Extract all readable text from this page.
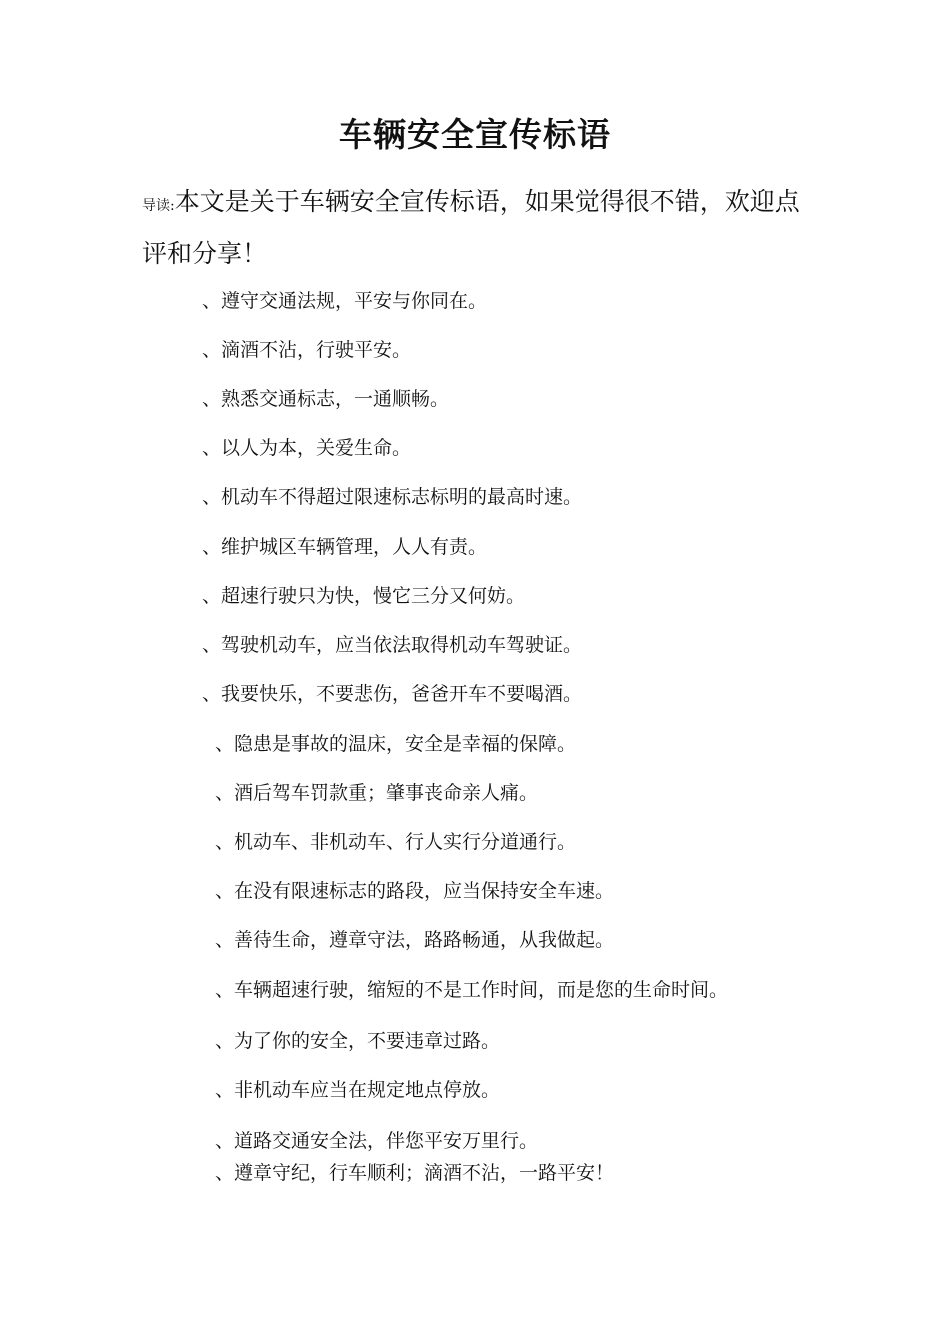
车辆安全宣传标语
导读:本文是关于车辆安全宣传标语，如果觉得很不错，欢迎点评和分享！
、遵守交通法规，平安与你同在。
、滴酒不沾，行驶平安。
、熟悉交通标志，一通顺畅。
、以人为本，关爱生命。
、机动车不得超过限速标志标明的最高时速。
、维护城区车辆管理，人人有责。
、超速行驶只为快，慢它三分又何妨。
、驾驶机动车，应当依法取得机动车驾驶证。
、我要快乐，不要悲伤，爸爸开车不要喝酒。
、隐患是事故的温床，安全是幸福的保障。
、酒后驾车罚款重；肇事丧命亲人痛。
、机动车、非机动车、行人实行分道通行。
、在没有限速标志的路段，应当保持安全车速。
、善待生命，遵章守法，路路畅通，从我做起。
、车辆超速行驶，缩短的不是工作时间，而是您的生命时间。
、为了你的安全，不要违章过路。
、非机动车应当在规定地点停放。
、道路交通安全法，伴您平安万里行。
、遵章守纪，行车顺利；滴酒不沾，一路平安！
